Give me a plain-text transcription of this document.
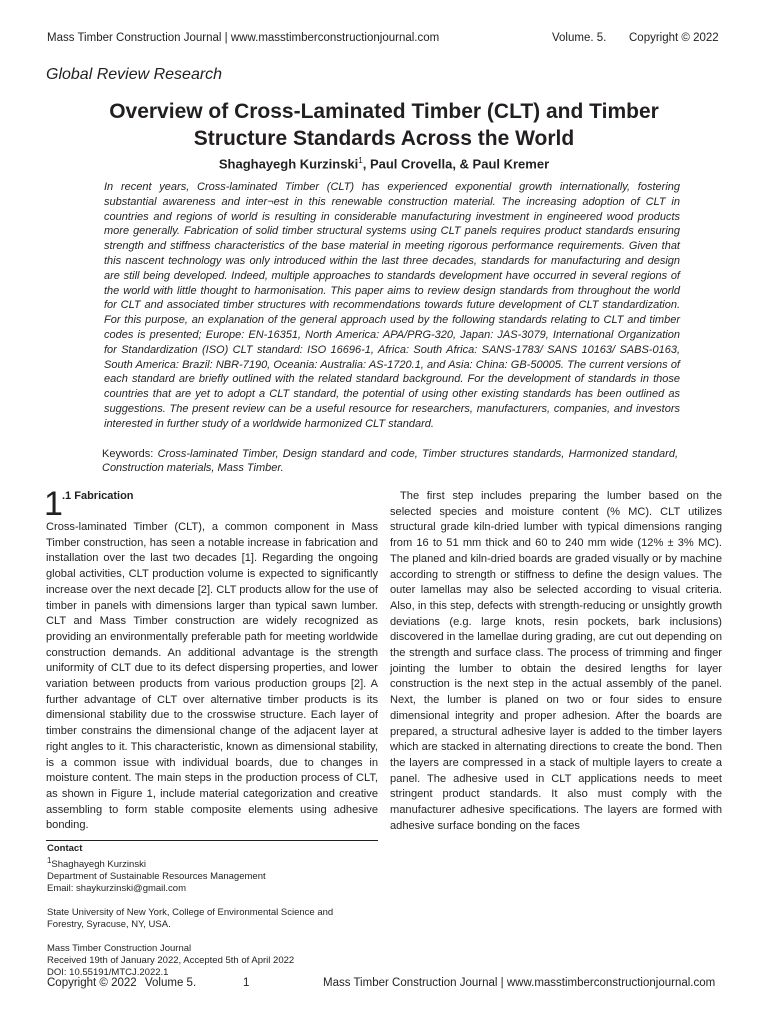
Mass Timber Construction Journal | www.masstimberconstructionjournal.com	Volume. 5. Copyright © 2022
Global Review Research
Overview of Cross-Laminated Timber (CLT) and Timber
Structure Standards Across the World
Shaghayegh Kurzinski$^1$, Paul Crovella, & Paul Kremer
In recent years, Cross-laminated Timber (CLT) has experienced exponential growth internationally, fostering substantial awareness and inter¬est in this renewable construction material. The increasing adoption of CLT in countries and regions of world is resulting in considerable manufacturing investment in engineered wood products more generally. Fabrication of solid timber structural systems using CLT panels requires product standards ensuring strength and stiffness characteristics of the base material in meeting rigorous performance requirements. Given that this nascent technology was only introduced within the last three decades, standards for manufacturing and design are still being developed. Indeed, multiple approaches to standards development have occurred in several regions of the world with little thought to harmonisation. This paper aims to review design standards from throughout the world for CLT and associated timber structures with recommendations towards future development of CLT standardization. For this purpose, an explanation of the general approach used by the following standards relating to CLT and timber codes is presented; Europe: EN-16351, North America: APA/PRG-320, Japan: JAS-3079, International Organization for Standardization (ISO) CLT standard: ISO 16696-1, Africa: South Africa: SANS-1783/ SANS 10163/ SABS-0163, South America: Brazil: NBR-7190, Oceania: Australia: AS-1720.1, and Asia: China: GB-50005. The current versions of each standard are briefly outlined with the related standard background. For the development of standards in those countries that are yet to adopt a CLT standard, the potential of using other existing standards has been outlined as suggestions. The present review can be a useful resource for researchers, manufacturers, companies, and investors interested in further study of a worldwide harmonized CLT standard.
Keywords: Cross-laminated Timber, Design standard and code, Timber structures standards, Harmonized standard, Construction materials, Mass Timber.
1 .1 Fabrication
Cross-laminated Timber (CLT), a common component in Mass Timber construction, has seen a notable increase in fabrication and installation over the last two decades [1]. Regarding the ongoing global activities, CLT production volume is expected to significantly increase over the next decade [2]. CLT products allow for the use of timber in panels with dimensions larger than typical sawn lumber. CLT and Mass Timber construction are widely recognized as providing an environmentally preferable path for meeting worldwide construction demands. An additional advantage is the strength uniformity of CLT due to its defect dispersing properties, and lower variation between products from various production groups [2]. A further advantage of CLT over alternative timber products is its dimensional stability due to the crosswise structure. Each layer of timber constrains the dimensional change of the adjacent layer at right angles to it. This characteristic, known as dimensional stability, is a common issue with individual boards, due to changes in moisture content. The main steps in the production process of CLT, as shown in Figure 1, include material categorization and creative assembling to form stable composite elements using adhesive bonding.
The first step includes preparing the lumber based on the selected species and moisture content (% MC). CLT utilizes structural grade kiln-dried lumber with typical dimensions ranging from 16 to 51 mm thick and 60 to 240 mm wide (12% ± 3% MC). The planed and kiln-dried boards are graded visually or by machine according to strength or stiffness to define the design values. The outer lamellas may also be selected according to visual criteria. Also, in this step, defects with strength-reducing or unsightly growth deviations (e.g. large knots, resin pockets, bark inclusions) discovered in the lamellae during grading, are cut out depending on the strength and surface class. The process of trimming and finger jointing the lumber to obtain the desired lengths for layer construction is the next step in the actual assembly of the panel. Next, the lumber is planed on two or four sides to ensure dimensional integrity and proper adhesion. After the boards are prepared, a structural adhesive layer is added to the timber layers which are stacked in alternating directions to create the bond. Then the layers are compressed in a stack of multiple layers to create a panel. The adhesive used in CLT applications needs to meet stringent product standards. It also must comply with the manufacturer adhesive specifications. The layers are formed with adhesive surface bonding on the faces
Contact
$^1$Shaghayegh Kurzinski
Department of Sustainable Resources Management
Email: shaykurzinski@gmail.com
State University of New York, College of Environmental Science and
Forestry, Syracuse, NY, USA.
Mass Timber Construction Journal
Received 19th of January 2022, Accepted 5th of April 2022
DOI: 10.55191/MTCJ.2022.1
Copyright © 2022 Volume 5.	1	Mass Timber Construction Journal | www.masstimberconstructionjournal.com
